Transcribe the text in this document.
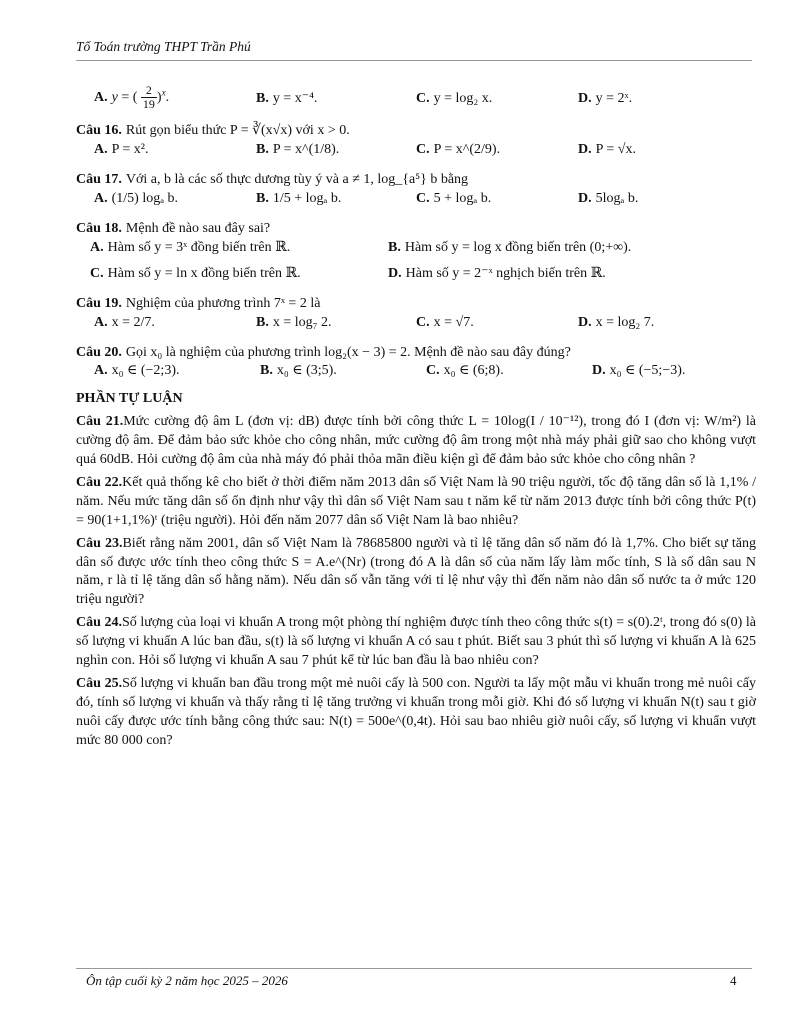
Tổ Toán trường THPT Trần Phú
A. y = ( $\frac{2}{19} )^x$.	B. y = x⁻⁴.	C. y = log₂ x.	D. y = 2ˣ.
Câu 16. Rút gọn biểu thức P = ∛(x√x) với x > 0.
A. P = x².	B. P = x^(1/8).	C. P = x^(2/9).	D. P = √x.
Câu 17. Với a, b là các số thực dương tùy ý và a ≠ 1, log_{a⁵} b bằng
A. (1/5) logₐ b.	B. 1/5 + logₐ b.	C. 5 + logₐ b.	D. 5logₐ b.
Câu 18. Mệnh đề nào sau đây sai?
A. Hàm số y = 3ˣ đồng biến trên ℝ.	B. Hàm số y = log x đồng biến trên (0;+∞).
C. Hàm số y = ln x đồng biến trên ℝ.	D. Hàm số y = 2⁻ˣ nghịch biến trên ℝ.
Câu 19. Nghiệm của phương trình 7ˣ = 2 là
A. x = 2/7.	B. x = log₇ 2.	C. x = √7.	D. x = log₂ 7.
Câu 20. Gọi x₀ là nghiệm của phương trình log₂(x − 3) = 2. Mệnh đề nào sau đây đúng?
A. x₀ ∈ (−2;3).	B. x₀ ∈ (3;5).	C. x₀ ∈ (6;8).	D. x₀ ∈ (−5;−3).
PHẦN TỰ LUẬN
Câu 21.Mức cường độ âm L (đơn vị: dB) được tính bởi công thức L = 10log(I / 10⁻¹²), trong đó I (đơn vị: W/m²) là cường độ âm. Để đảm bảo sức khỏe cho công nhân, mức cường độ âm trong một nhà máy phải giữ sao cho không vượt quá 60dB. Hỏi cường độ âm của nhà máy đó phải thỏa mãn điều kiện gì để đảm bảo sức khỏe cho công nhân ?
Câu 22.Kết quả thống kê cho biết ở thời điểm năm 2013 dân số Việt Nam là 90 triệu người, tốc độ tăng dân số là 1,1% / năm. Nếu mức tăng dân số ổn định như vậy thì dân số Việt Nam sau t năm kể từ năm 2013 được tính bởi công thức P(t) = 90(1+1,1%)ᵗ (triệu người). Hỏi đến năm 2077 dân số Việt Nam là bao nhiêu?
Câu 23.Biết rằng năm 2001, dân số Việt Nam là 78685800 người và tỉ lệ tăng dân số năm đó là 1,7%. Cho biết sự tăng dân số được ước tính theo công thức S = A.e^(Nr) (trong đó A là dân số của năm lấy làm mốc tính, S là số dân sau N năm, r là tỉ lệ tăng dân số hằng năm). Nếu dân số vẫn tăng với tỉ lệ như vậy thì đến năm nào dân số nước ta ở mức 120 triệu người?
Câu 24.Số lượng của loại vi khuẩn A trong một phòng thí nghiệm được tính theo công thức s(t) = s(0).2ᵗ, trong đó s(0) là số lượng vi khuẩn A lúc ban đầu, s(t) là số lượng vi khuẩn A có sau t phút. Biết sau 3 phút thì số lượng vi khuẩn A là 625 nghìn con. Hỏi số lượng vi khuẩn A sau 7 phút kể từ lúc ban đầu là bao nhiêu con?
Câu 25.Số lượng vi khuẩn ban đầu trong một mẻ nuôi cấy là 500 con. Người ta lấy một mẫu vi khuẩn trong mẻ nuôi cấy đó, tính số lượng vi khuẩn và thấy rằng tỉ lệ tăng trưởng vi khuẩn trong mỗi giờ. Khi đó số lượng vi khuẩn N(t) sau t giờ nuôi cấy được ước tính bằng công thức sau: N(t) = 500e^(0,4t). Hỏi sau bao nhiêu giờ nuôi cấy, số lượng vi khuẩn vượt mức 80 000 con?
Ôn tập cuối kỳ 2 năm học 2025 – 2026	4
